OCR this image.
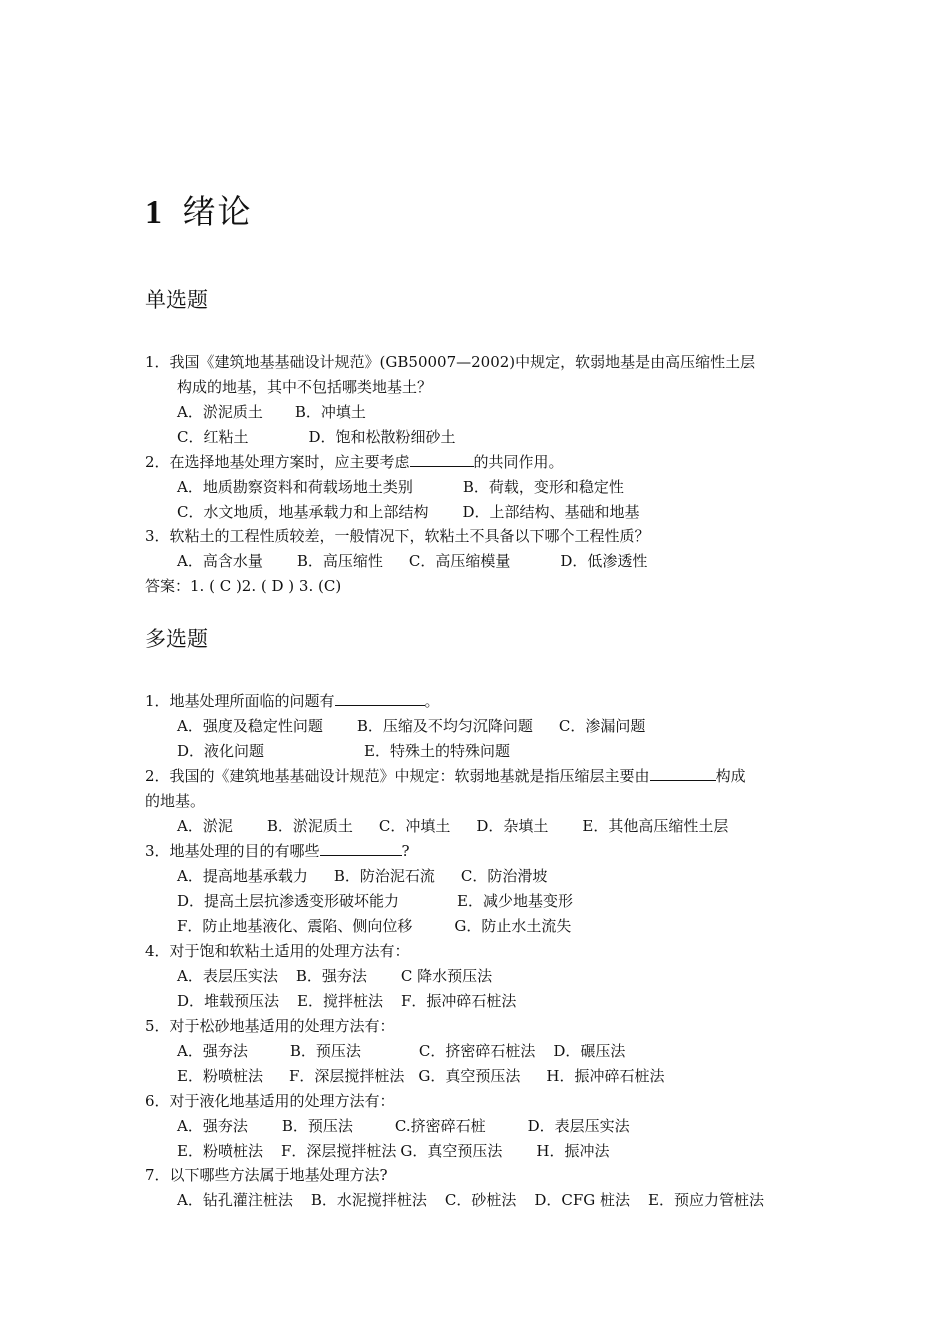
1 绪论
单选题
1．我国《建筑地基基础设计规范》(GB50007—2002)中规定，软弱地基是由高压缩性土层
构成的地基，其中不包括哪类地基土？
A．淤泥质土 B．冲填土
C．红粘土	D．饱和松散粉细砂土
2．在选择地基处理方案时，应主要考虑	的共同作用。
A．地质勘察资料和荷载场地土类别	B．荷载，变形和稳定性
C．水文地质，地基承载力和上部结构 D．上部结构、基础和地基
3．软粘土的工程性质较差，一般情况下，软粘土不具备以下哪个工程性质？
A．高含水量 B．高压缩性 C．高压缩模量	D．低渗透性
答案：1. ( C )2. ( D ) 3. (C)
多选题
1．地基处理所面临的问题有	。
A．强度及稳定性问题 B．压缩及不均匀沉降问题 C．渗漏问题
D．液化问题	E．特殊土的特殊问题
2．我国的《建筑地基基础设计规范》中规定：软弱地基就是指压缩层主要由	构成
的地基。
A．淤泥 B．淤泥质土 C．冲填土 D．杂填土 E．其他高压缩性土层
3．地基处理的目的有哪些	?
A．提高地基承载力 B．防治泥石流 C．防治滑坡
D．提高土层抗渗透变形破坏能力	E．减少地基变形
F．防止地基液化、震陷、侧向位移	G．防止水土流失
4．对于饱和软粘土适用的处理方法有：
A．表层压实法 B．强夯法 C 降水预压法
D．堆载预压法 E．搅拌桩法 F．振冲碎石桩法
5．对于松砂地基适用的处理方法有：
A．强夯法	B．预压法	C．挤密碎石桩法 D．碾压法
E．粉喷桩法 F．深层搅拌桩法 G．真空预压法 H．振冲碎石桩法
6．对于液化地基适用的处理方法有：
A．强夯法 B．预压法	C.挤密碎石桩	D．表层压实法
E．粉喷桩法 F．深层搅拌桩法 G．真空预压法 H．振冲法
7．以下哪些方法属于地基处理方法?
A．钻孔灌注桩法 B．水泥搅拌桩法 C．砂桩法 D．CFG 桩法 E．预应力管桩法
